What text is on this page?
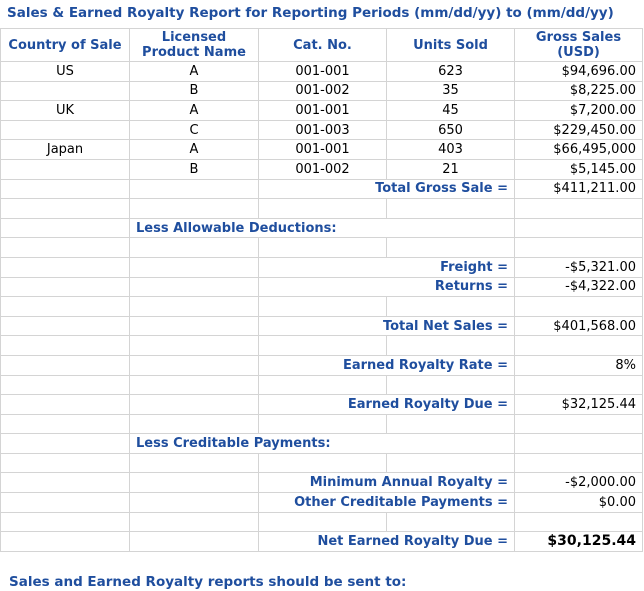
Sales & Earned Royalty Report for Reporting Periods (mm/dd/yy) to (mm/dd/yy)
Country of Sale	Licensed Product Name	Cat. No.	Units Sold	Gross Sales (USD)
US	A	001-001	623	$94,696.00
	B	001-002	35	$8,225.00
UK	A	001-001	45	$7,200.00
	C	001-003	650	$229,450.00
Japan	A	001-001	403	$66,495,000
	B	001-002	21	$5,145.00
		Total Gross Sale =		$411,211.00

	Less Allowable Deductions:			

		Freight =		-$5,321.00
		Returns =		-$4,322.00

		Total Net Sales =		$401,568.00

		Earned Royalty Rate =		8%

		Earned Royalty Due =		$32,125.44

	Less Creditable Payments:			

		Minimum Annual Royalty =		-$2,000.00
		Other Creditable Payments =		$0.00

		Net Earned Royalty Due =		$30,125.44
Sales and Earned Royalty reports should be sent to:
